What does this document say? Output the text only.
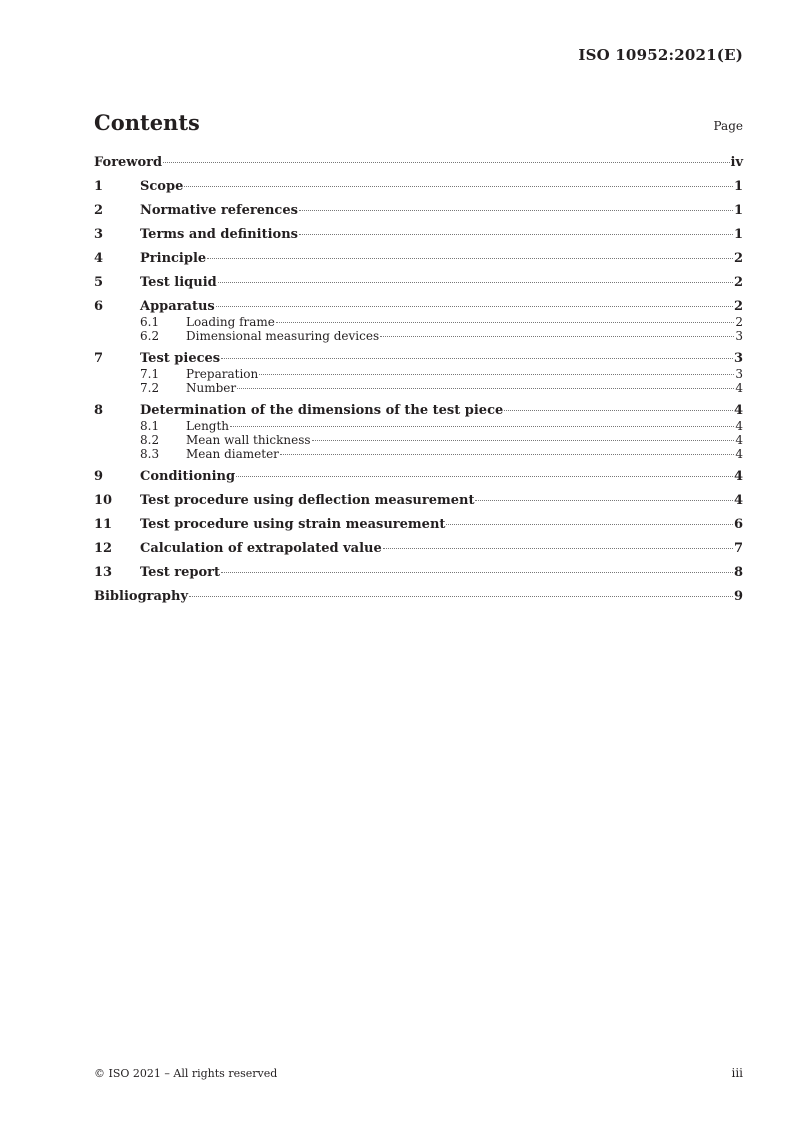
ISO 10952:2021(E)
Contents	Page
Foreword	iv
1	Scope	1
2	Normative references	1
3	Terms and definitions	1
4	Principle	2
5	Test liquid	2
6	Apparatus	2
6.1	Loading frame	2
6.2	Dimensional measuring devices	3
7	Test pieces	3
7.1	Preparation	3
7.2	Number	4
8	Determination of the dimensions of the test piece	4
8.1	Length	4
8.2	Mean wall thickness	4
8.3	Mean diameter	4
9	Conditioning	4
10	Test procedure using deflection measurement	4
11	Test procedure using strain measurement	6
12	Calculation of extrapolated value	7
13	Test report	8
Bibliography	9
© ISO 2021 – All rights reserved	iii
